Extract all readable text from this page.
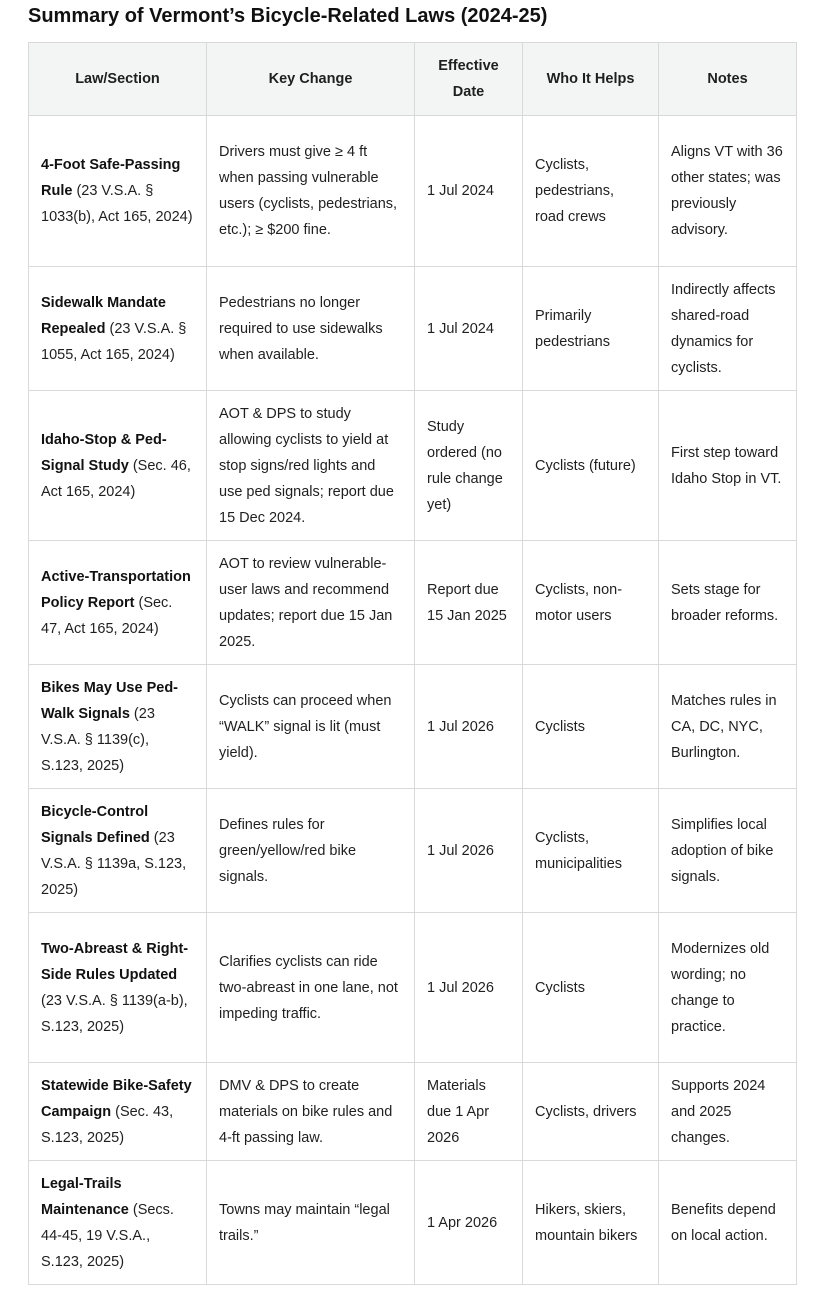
Summary of Vermont’s Bicycle-Related Laws (2024-25)
Law/Section	Key Change	Effective Date	Who It Helps	Notes
4-Foot Safe-Passing Rule (23 V.S.A. § 1033(b), Act 165, 2024)	Drivers must give ≥ 4 ft when passing vulnerable users (cyclists, pedestrians, etc.); ≥ $200 fine.	1 Jul 2024	Cyclists, pedestrians, road crews	Aligns VT with 36 other states; was previously advisory.
Sidewalk Mandate Repealed (23 V.S.A. § 1055, Act 165, 2024)	Pedestrians no longer required to use sidewalks when available.	1 Jul 2024	Primarily pedestrians	Indirectly affects shared-road dynamics for cyclists.
Idaho-Stop & Ped-Signal Study (Sec. 46, Act 165, 2024)	AOT & DPS to study allowing cyclists to yield at stop signs/red lights and use ped signals; report due 15 Dec 2024.	Study ordered (no rule change yet)	Cyclists (future)	First step toward Idaho Stop in VT.
Active-Transportation Policy Report (Sec. 47, Act 165, 2024)	AOT to review vulnerable-user laws and recommend updates; report due 15 Jan 2025.	Report due 15 Jan 2025	Cyclists, non-motor users	Sets stage for broader reforms.
Bikes May Use Ped-Walk Signals (23 V.S.A. § 1139(c), S.123, 2025)	Cyclists can proceed when “WALK” signal is lit (must yield).	1 Jul 2026	Cyclists	Matches rules in CA, DC, NYC, Burlington.
Bicycle-Control Signals Defined (23 V.S.A. § 1139a, S.123, 2025)	Defines rules for green/yellow/red bike signals.	1 Jul 2026	Cyclists, municipalities	Simplifies local adoption of bike signals.
Two-Abreast & Right-Side Rules Updated (23 V.S.A. § 1139(a-b), S.123, 2025)	Clarifies cyclists can ride two-abreast in one lane, not impeding traffic.	1 Jul 2026	Cyclists	Modernizes old wording; no change to practice.
Statewide Bike-Safety Campaign (Sec. 43, S.123, 2025)	DMV & DPS to create materials on bike rules and 4-ft passing law.	Materials due 1 Apr 2026	Cyclists, drivers	Supports 2024 and 2025 changes.
Legal-Trails Maintenance (Secs. 44-45, 19 V.S.A., S.123, 2025)	Towns may maintain “legal trails.”	1 Apr 2026	Hikers, skiers, mountain bikers	Benefits depend on local action.
